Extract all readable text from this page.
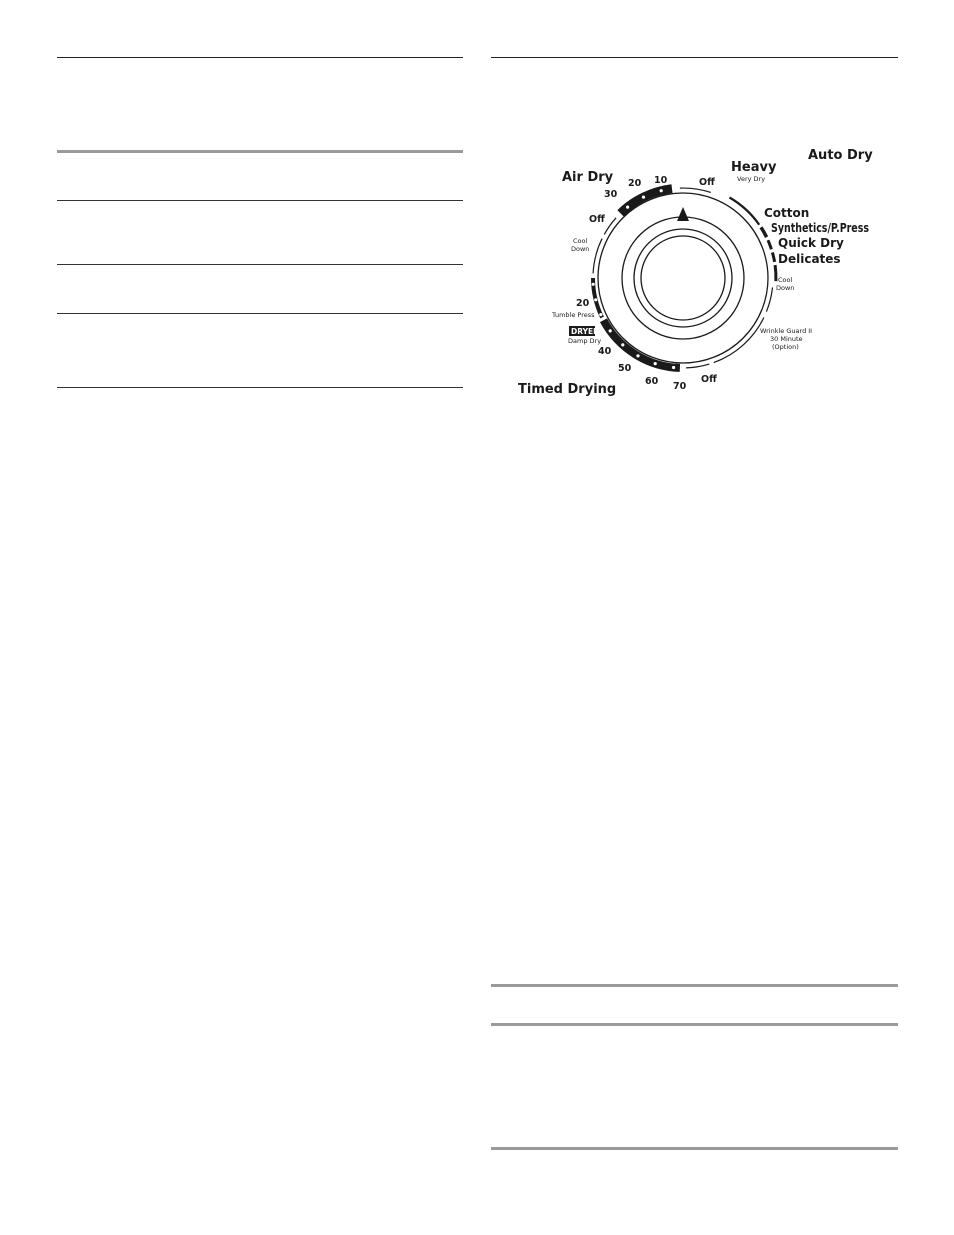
Auto Dry
Heavy
Very Dry
Cotton
Synthetics/P.Press
Quick Dry
Delicates
Cool
Down
Wrinkle Guard II
30 Minute
(Option)
Off
Timed Drying	70
60
50
40
DRYEL
Damp Dry
20
Tumble Press
Cool
Down
Off
30
Air Dry 20 10	Off
